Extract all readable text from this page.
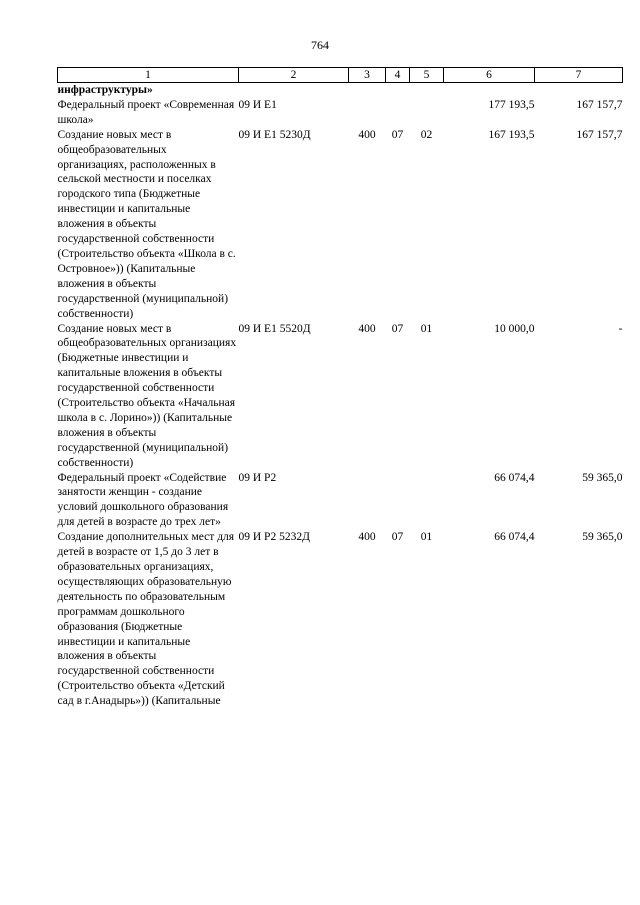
764
1	2	3	4	5	6	7
инфраструктуры»						
Федеральный проект «Современная школа»	09 И E1				177 193,5	167 157,7
Создание новых мест в общеобразовательных организациях, расположенных в сельской местности и поселках городского типа (Бюджетные инвестиции и капитальные вложения в объекты государственной собственности (Строительство объекта «Школа в с. Островное»)) (Капитальные вложения в объекты государственной (муниципальной) собственности)	09 И E1 5230Д	400	07	02	167 193,5	167 157,7
Создание новых мест в общеобразовательных организациях (Бюджетные инвестиции и капитальные вложения в объекты государственной собственности (Строительство объекта «Начальная школа в с. Лорино»)) (Капитальные вложения в объекты государственной (муниципальной) собственности)	09 И E1 5520Д	400	07	01	10 000,0	-
Федеральный проект «Содействие занятости женщин - создание условий дошкольного образования для детей в возрасте до трех лет»	09 И P2				66 074,4	59 365,0
Создание дополнительных мест для детей в возрасте от 1,5 до 3 лет в образовательных организациях, осуществляющих образовательную деятельность по образовательным программам дошкольного образования (Бюджетные инвестиции и капитальные вложения в объекты государственной собственности (Строительство объекта «Детский сад в г.Анадырь»)) (Капитальные	09 И P2 5232Д	400	07	01	66 074,4	59 365,0
